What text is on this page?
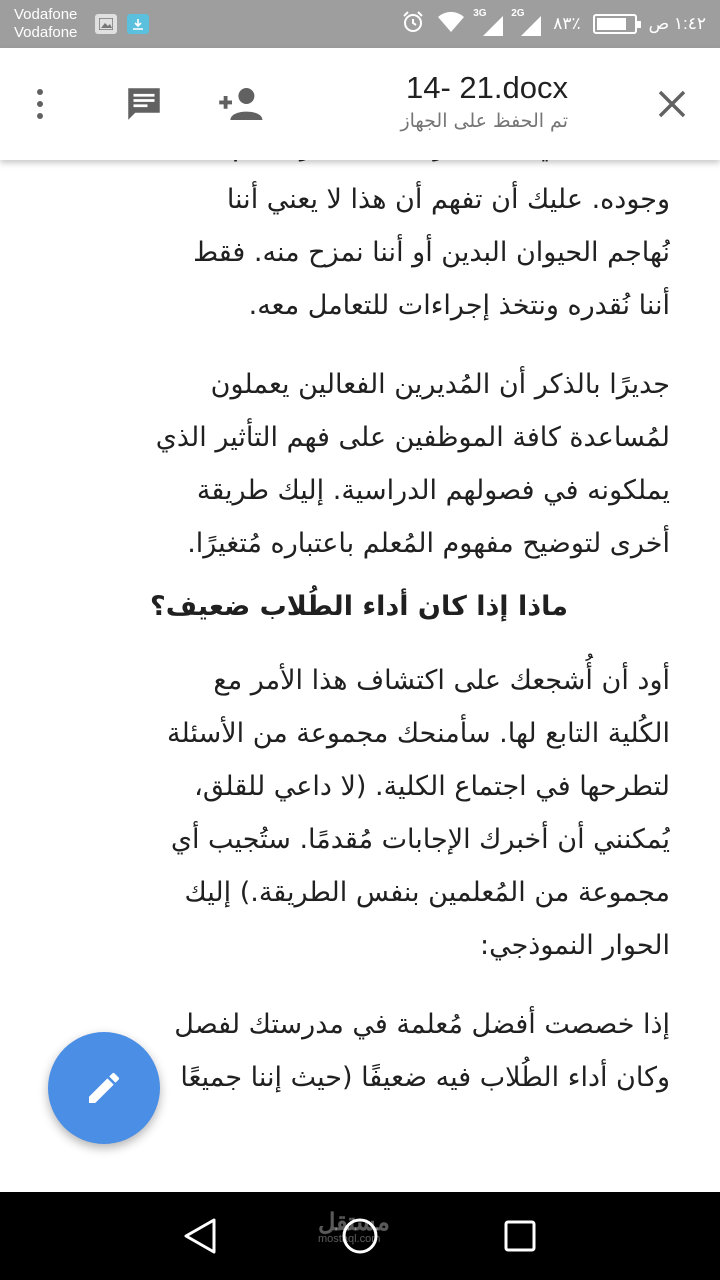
Vodafone
Vodafone
3G 2G
٨٣٪	١:٤٢ ص
14- 21.docx
تم الحفظ على الجهاز

وجوده. عليك أن تفهم أن هذا لا يعني أننا

نُهاجم الحيوان البدين أو أننا نمزح منه. فقط

أننا نُقدره ونتخذ إجراءات للتعامل معه.

جديرًا بالذكر أن المُديرين الفعالين يعملون

لمُساعدة كافة الموظفين على فهم التأثير الذي

يملكونه في فصولهم الدراسية. إليك طريقة

أخرى لتوضيح مفهوم المُعلم باعتباره مُتغيرًا.

ماذا إذا كان أداء الطُلاب ضعيف؟

أود أن أُشجعك على اكتشاف هذا الأمر مع

الكُلية التابع لها. سأمنحك مجموعة من الأسئلة

لتطرحها في اجتماع الكلية. (لا داعي للقلق،

يُمكنني أن أخبرك الإجابات مُقدمًا. ستُجيب أي

مجموعة من المُعلمين بنفس الطريقة.) إليك

الحوار النموذجي:

إذا خصصت أفضل مُعلمة في مدرستك لفصل

وكان أداء الطُلاب فيه ضعيفًا (حيث إننا جميعًا

مستقل
mostaql.com
